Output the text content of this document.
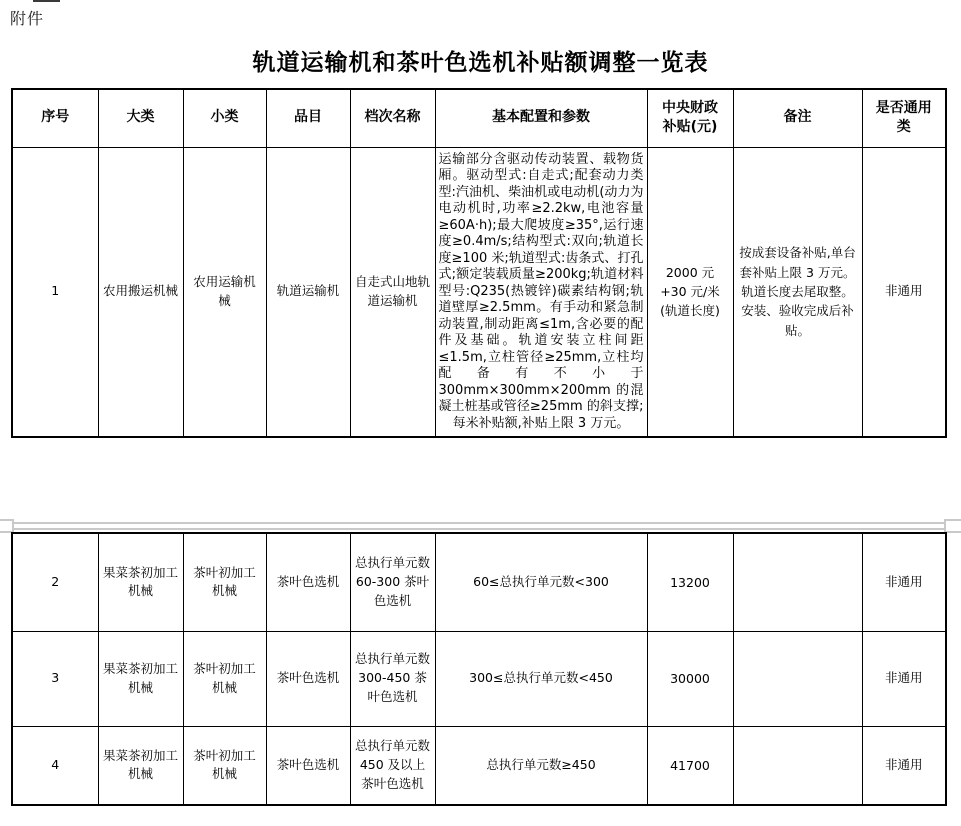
附件
轨道运输机和茶叶色选机补贴额调整一览表
序号	大类	小类	品目	档次名称	基本配置和参数	中央财政补贴(元)	备注	是否通用类
1	农用搬运机械	农用运输机械	轨道运输机	自走式山地轨道运输机	运输部分含驱动传动装置、载物货厢。驱动型式:自走式;配套动力类型:汽油机、柴油机或电动机(动力为电动机时,功率≥2.2kw,电池容量≥60A·h);最大爬坡度≥35°,运行速度≥0.4m/s;结构型式:双向;轨道长度≥100 米;轨道型式:齿条式、打孔式;额定装载质量≥200kg;轨道材料型号:Q235(热镀锌)碳素结构钢;轨道壁厚≥2.5mm。有手动和紧急制动装置,制动距离≤1m,含必要的配件及基础。轨道安装立柱间距≤1.5m,立柱管径≥25mm,立柱均配备有不小于 300mm×300mm×200mm 的混凝土桩基或管径≥25mm 的斜支撑;每米补贴额,补贴上限 3 万元。	2000 元+30 元/米(轨道长度)	按成套设备补贴,单台套补贴上限 3 万元。轨道长度去尾取整。安装、验收完成后补贴。	非通用
2	果菜茶初加工机械	茶叶初加工机械	茶叶色选机	总执行单元数 60-300 茶叶色选机	60≤总执行单元数<300	13200		非通用
3	果菜茶初加工机械	茶叶初加工机械	茶叶色选机	总执行单元数 300-450 茶叶色选机	300≤总执行单元数<450	30000		非通用
4	果菜茶初加工机械	茶叶初加工机械	茶叶色选机	总执行单元数 450 及以上茶叶色选机	总执行单元数≥450	41700		非通用
